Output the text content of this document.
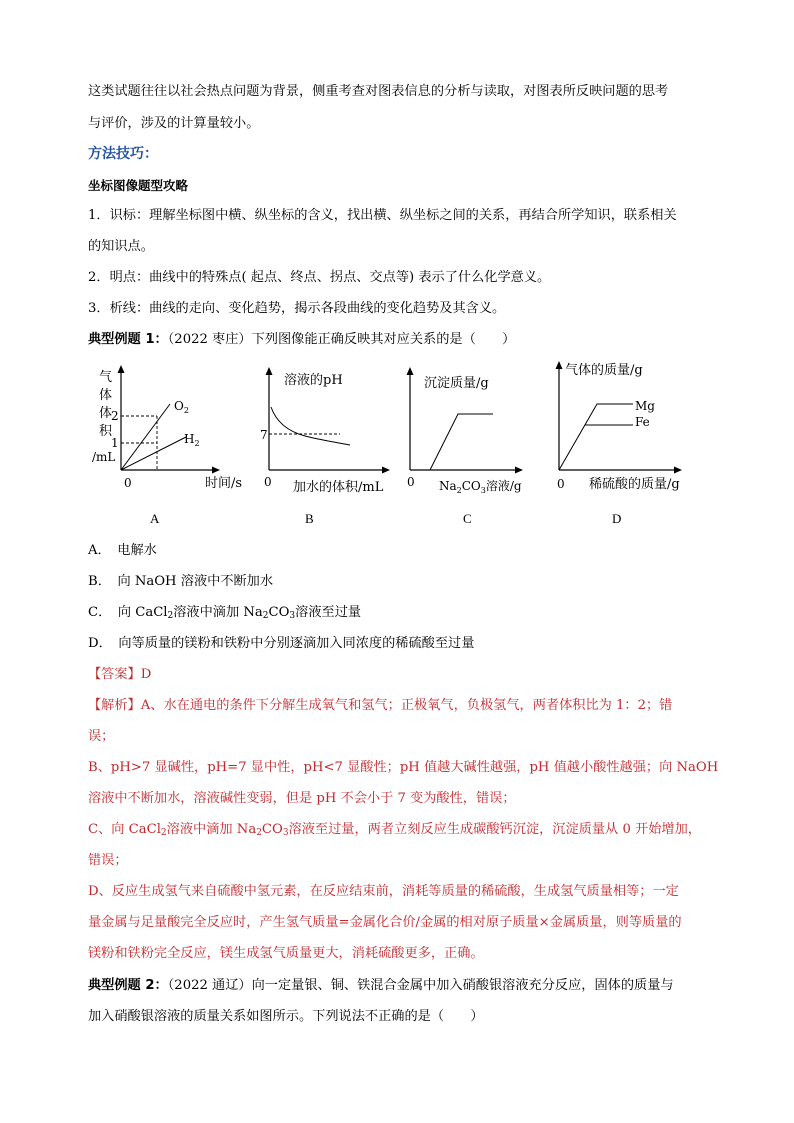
这类试题往往以社会热点问题为背景，侧重考查对图表信息的分析与读取，对图表所反映问题的思考
与评价，涉及的计算量较小。
方法技巧：
坐标图像题型攻略
1．识标：理解坐标图中横、纵坐标的含义，找出横、纵坐标之间的关系，再结合所学知识，联系相关
的知识点。
2．明点：曲线中的特殊点( 起点、终点、拐点、交点等) 表示了什么化学意义。
3．析线：曲线的走向、变化趋势，揭示各段曲线的变化趋势及其含义。
典型例题 1：（2022 枣庄）下列图像能正确反映其对应关系的是（　　）
气
体
体
积
/mL
2
1
0	时间/s
$O_2$
$H_2$
A
溶液的pH
7
0 加水的体积/mL
B
沉淀质量/g
0 $Na_2CO_3$溶液/g
C
气体的质量/g
Mg
Fe
0 稀硫酸的质量/g
D
A．　电解水
B．　向 NaOH 溶液中不断加水
C．　向 CaCl$_2$溶液中滴加 $Na_2CO_3$溶液至过量
D．　向等质量的镁粉和铁粉中分别逐滴加入同浓度的稀硫酸至过量
【答案】D
【解析】A、水在通电的条件下分解生成氧气和氢气；正极氧气，负极氢气，两者体积比为 1：2；错
误；
B、pH>7 显碱性，pH=7 显中性，pH<7 显酸性；pH 值越大碱性越强，pH 值越小酸性越强；向 NaOH
溶液中不断加水，溶液碱性变弱，但是 pH 不会小于 7 变为酸性，错误；
C、向 CaCl$_2$溶液中滴加 $Na_2CO_3$溶液至过量，两者立刻反应生成碳酸钙沉淀，沉淀质量从 0 开始增加，
错误；
D、反应生成氢气来自硫酸中氢元素，在反应结束前，消耗等质量的稀硫酸，生成氢气质量相等；一定
量金属与足量酸完全反应时，产生氢气质量=金属化合价/金属的相对原子质量×金属质量，则等质量的
镁粉和铁粉完全反应，镁生成氢气质量更大，消耗硫酸更多，正确。
典型例题 2：（2022 通辽）向一定量银、铜、铁混合金属中加入硝酸银溶液充分反应，固体的质量与
加入硝酸银溶液的质量关系如图所示。下列说法不正确的是（　　）
